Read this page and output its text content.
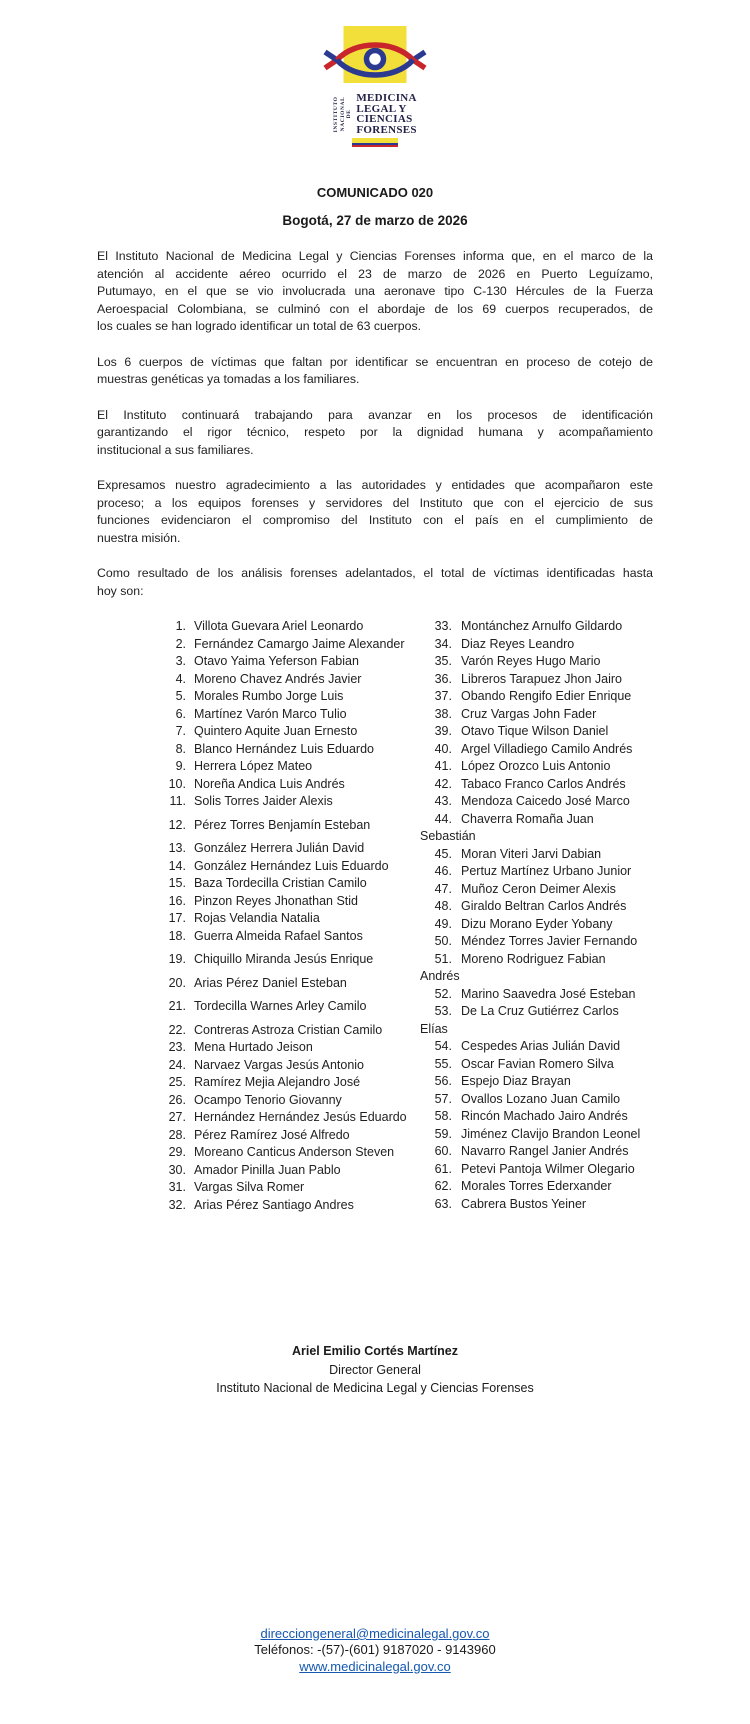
INSTITUTO NACIONAL DE
MEDICINA
LEGAL Y
CIENCIAS
FORENSES
COMUNICADO 020
Bogotá, 27 de marzo de 2026
El Instituto Nacional de Medicina Legal y Ciencias Forenses informa que, en el marco de la
atención al accidente aéreo ocurrido el 23 de marzo de 2026 en Puerto Leguízamo,
Putumayo, en el que se vio involucrada una aeronave tipo C-130 Hércules de la Fuerza
Aeroespacial Colombiana, se culminó con el abordaje de los 69 cuerpos recuperados, de
los cuales se han logrado identificar un total de 63 cuerpos.
Los 6 cuerpos de víctimas que faltan por identificar se encuentran en proceso de cotejo de
muestras genéticas ya tomadas a los familiares.
El Instituto continuará trabajando para avanzar en los procesos de identificación
garantizando el rigor técnico, respeto por la dignidad humana y acompañamiento
institucional a sus familiares.
Expresamos nuestro agradecimiento a las autoridades y entidades que acompañaron este
proceso; a los equipos forenses y servidores del Instituto que con el ejercicio de sus
funciones evidenciaron el compromiso del Instituto con el país en el cumplimiento de
nuestra misión.
Como resultado de los análisis forenses adelantados, el total de víctimas identificadas hasta
hoy son:
1. Villota Guevara Ariel Leonardo
2. Fernández Camargo Jaime Alexander
3. Otavo Yaima Yeferson Fabian
4. Moreno Chavez Andrés Javier
5. Morales Rumbo Jorge Luis
6. Martínez Varón Marco Tulio
7. Quintero Aquite Juan Ernesto
8. Blanco Hernández Luis Eduardo
9. Herrera López Mateo
10. Noreña Andica Luis Andrés
11. Solis Torres Jaider Alexis
12. Pérez Torres Benjamín Esteban
13. González Herrera Julián David
14. González Hernández Luis Eduardo
15. Baza Tordecilla Cristian Camilo
16. Pinzon Reyes Jhonathan Stid
17. Rojas Velandia Natalia
18. Guerra Almeida Rafael Santos
19. Chiquillo Miranda Jesús Enrique
20. Arias Pérez Daniel Esteban
21. Tordecilla Warnes Arley Camilo
22. Contreras Astroza Cristian Camilo
23. Mena Hurtado Jeison
24. Narvaez Vargas Jesús Antonio
25. Ramírez Mejia Alejandro José
26. Ocampo Tenorio Giovanny
27. Hernández Hernández Jesús Eduardo
28. Pérez Ramírez José Alfredo
29. Moreano Canticus Anderson Steven
30. Amador Pinilla Juan Pablo
31. Vargas Silva Romer
32. Arias Pérez Santiago Andres
33. Montánchez Arnulfo Gildardo
34. Diaz Reyes Leandro
35. Varón Reyes Hugo Mario
36. Libreros Tarapuez Jhon Jairo
37. Obando Rengifo Edier Enrique
38. Cruz Vargas John Fader
39. Otavo Tique Wilson Daniel
40. Argel Villadiego Camilo Andrés
41. López Orozco Luis Antonio
42. Tabaco Franco Carlos Andrés
43. Mendoza Caicedo José Marco
44. Chaverra Romaña Juan
Sebastián
45. Moran Viteri Jarvi Dabian
46. Pertuz Martínez Urbano Junior
47. Muñoz Ceron Deimer Alexis
48. Giraldo Beltran Carlos Andrés
49. Dizu Morano Eyder Yobany
50. Méndez Torres Javier Fernando
51. Moreno Rodriguez Fabian
Andrés
52. Marino Saavedra José Esteban
53. De La Cruz Gutiérrez Carlos
Elías
54. Cespedes Arias Julián David
55. Oscar Favian Romero Silva
56. Espejo Diaz Brayan
57. Ovallos Lozano Juan Camilo
58. Rincón Machado Jairo Andrés
59. Jiménez Clavijo Brandon Leonel
60. Navarro Rangel Janier Andrés
61. Petevi Pantoja Wilmer Olegario
62. Morales Torres Ederxander
63. Cabrera Bustos Yeiner
Ariel Emilio Cortés Martínez
Director General
Instituto Nacional de Medicina Legal y Ciencias Forenses
direcciongeneral@medicinalegal.gov.co
Teléfonos: -(57)-(601) 9187020 - 9143960
www.medicinalegal.gov.co
